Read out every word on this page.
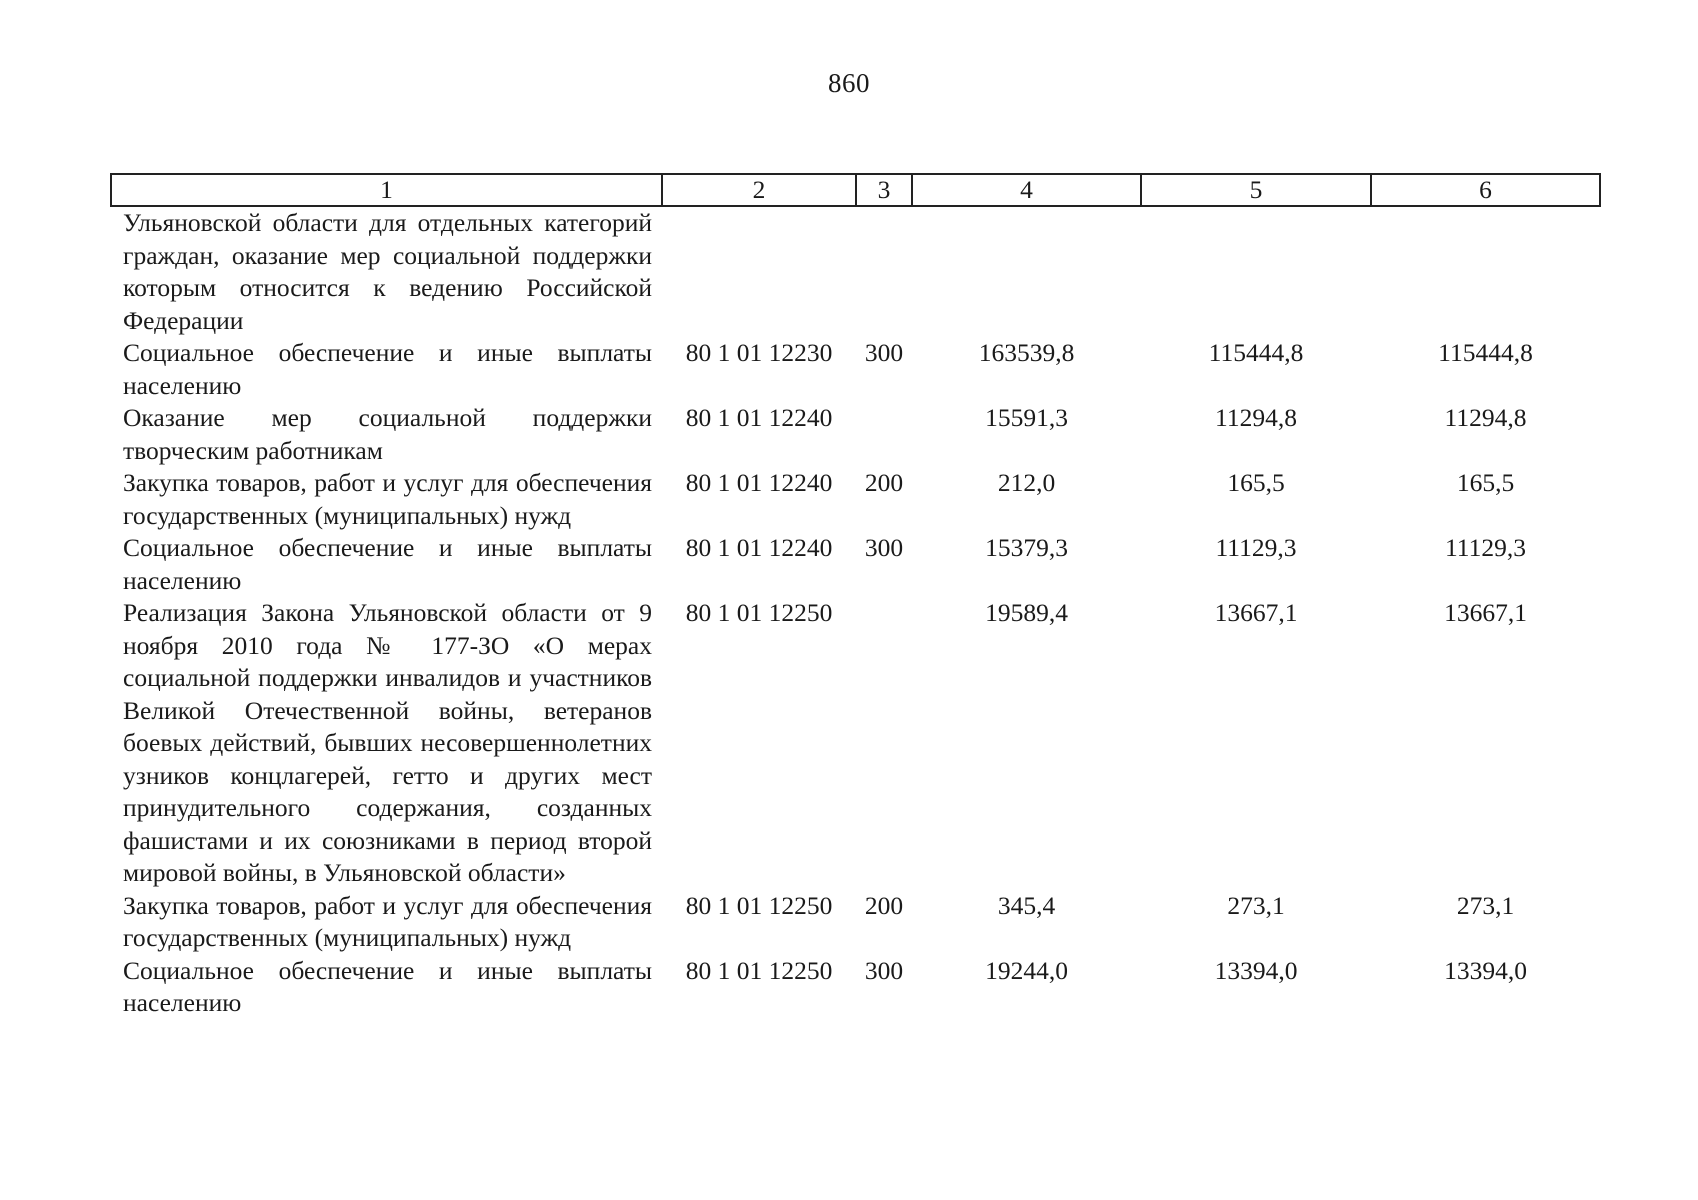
860
1	2	3	4	5	6
Ульяновской области для отдельных категорий граждан, оказание мер социальной поддержки которым относится к ведению Российской Федерации					
Социальное обеспечение и иные выплаты населению	80 1 01 12230	300	163539,8	115444,8	115444,8
Оказание мер социальной поддержки творческим работникам	80 1 01 12240		15591,3	11294,8	11294,8
Закупка товаров, работ и услуг для обеспечения государственных (муниципальных) нужд	80 1 01 12240	200	212,0	165,5	165,5
Социальное обеспечение и иные выплаты населению	80 1 01 12240	300	15379,3	11129,3	11129,3
Реализация Закона Ульяновской области от 9 ноября 2010 года № 177-ЗО «О мерах социальной поддержки инвалидов и участников Великой Отечественной войны, ветеранов боевых действий, бывших несовершеннолетних узников концлагерей, гетто и других мест принудительного содержания, созданных фашистами и их союзниками в период второй мировой войны, в Ульяновской области»	80 1 01 12250		19589,4	13667,1	13667,1
Закупка товаров, работ и услуг для обеспечения государственных (муниципальных) нужд	80 1 01 12250	200	345,4	273,1	273,1
Социальное обеспечение и иные выплаты населению	80 1 01 12250	300	19244,0	13394,0	13394,0
